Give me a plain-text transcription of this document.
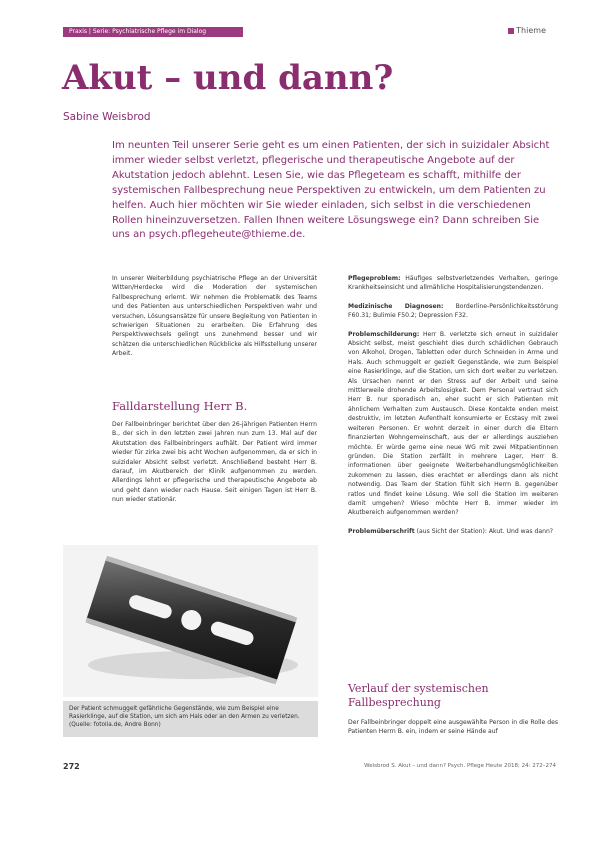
Praxis | Serie: Psychiatrische Pflege im Dialog	Thieme
Akut – und dann?
Sabine Weisbrod

Im neunten Teil unserer Serie geht es um einen Patienten, der sich in suizidaler Absicht immer wieder selbst verletzt, pflegerische und therapeutische Angebote auf der Akutstation jedoch ablehnt. Lesen Sie, wie das Pflegeteam es schafft, mithilfe der systemischen Fallbesprechung neue Perspektiven zu entwickeln, um dem Patienten zu helfen. Auch hier möchten wir Sie wieder einladen, sich selbst in die verschiedenen Rollen hineinzuversetzen. Fallen Ihnen weitere Lösungswege ein? Dann schreiben Sie uns an psych.pflegeheute@thieme.de.

In unserer Weiterbildung psychiatrische Pflege an der Universität Witten/Herdecke wird die Moderation der systemischen Fallbesprechung erlernt. Wir nehmen die Problematik des Teams und des Patienten aus unterschiedlichen Perspektiven wahr und versuchen, Lösungsansätze für unsere Begleitung von Patienten in schwierigen Situationen zu erarbeiten. Die Erfahrung des Perspektivwechsels gelingt uns zunehmend besser und wir schätzen die unterschiedlichen Rückblicke als Hilfsstellung unserer Arbeit.

Falldarstellung Herr B.

Der Fallbeinbringer berichtet über den 26-jährigen Patienten Herrn B., der sich in den letzten zwei Jahren nun zum 13. Mal auf der Akutstation des Fallbeinbringers aufhält. Der Patient wird immer wieder für zirka zwei bis acht Wochen aufgenommen, da er sich in suizidaler Absicht selbst verletzt. Anschließend besteht Herr B. darauf, im Akutbereich der Klinik aufgenommen zu werden. Allerdings lehnt er pflegerische und therapeutische Angebote ab und geht dann wieder nach Hause. Seit einigen Tagen ist Herr B. nun wieder stationär.

Der Patient schmuggelt gefährliche Gegenstände, wie zum Beispiel eine Rasierklinge, auf die Station, um sich am Hals oder an den Armen zu verletzen. (Quelle: fotolia.de, Andre Bonn)

Pflegeproblem: Häufiges selbstverletzendes Verhalten, geringe Krankheitseinsicht und allmähliche Hospitalisierungstendenzen.

Medizinische Diagnosen: Borderline-Persönlichkeitsstörung F60.31; Bulimie F50.2; Depression F32.

Problemschilderung: Herr B. verletzte sich erneut in suizidaler Absicht selbst, meist geschieht dies durch schädlichen Gebrauch von Alkohol, Drogen, Tabletten oder durch Schneiden in Arme und Hals. Auch schmuggelt er gezielt Gegenstände, wie zum Beispiel eine Rasierklinge, auf die Station, um sich dort weiter zu verletzen. Als Ursachen nennt er den Stress auf der Arbeit und seine mittlerweile drohende Arbeitslosigkeit. Dem Personal vertraut sich Herr B. nur sporadisch an, eher sucht er sich Patienten mit ähnlichem Verhalten zum Austausch. Diese Kontakte enden meist destruktiv, im letzten Aufenthalt konsumierte er Ecstasy mit zwei weiteren Personen. Er wohnt derzeit in einer durch die Eltern finanzierten Wohngemeinschaft, aus der er allerdings ausziehen möchte. Er würde gerne eine neue WG mit zwei Mitpatientinnen gründen. Die Station zerfällt in mehrere Lager, Herr B. informationen über geeignete Weiterbehandlungsmöglichkeiten zukommen zu lassen, dies erachtet er allerdings dann als nicht notwendig. Das Team der Station fühlt sich Herrn B. gegenüber ratlos und findet keine Lösung. Wie soll die Station im weiteren damit umgehen? Wieso möchte Herr B. immer wieder im Akutbereich aufgenommen werden?

Problemüberschrift (aus Sicht der Station): Akut. Und was dann?

Verlauf der systemischen Fallbesprechung

Der Fallbeinbringer doppelt eine ausgewählte Person in die Rolle des Patienten Herrn B. ein, indem er seine Hände auf

272	Weisbrod S. Akut – und dann? Psych. Pflege Heute 2018; 24: 272–274
